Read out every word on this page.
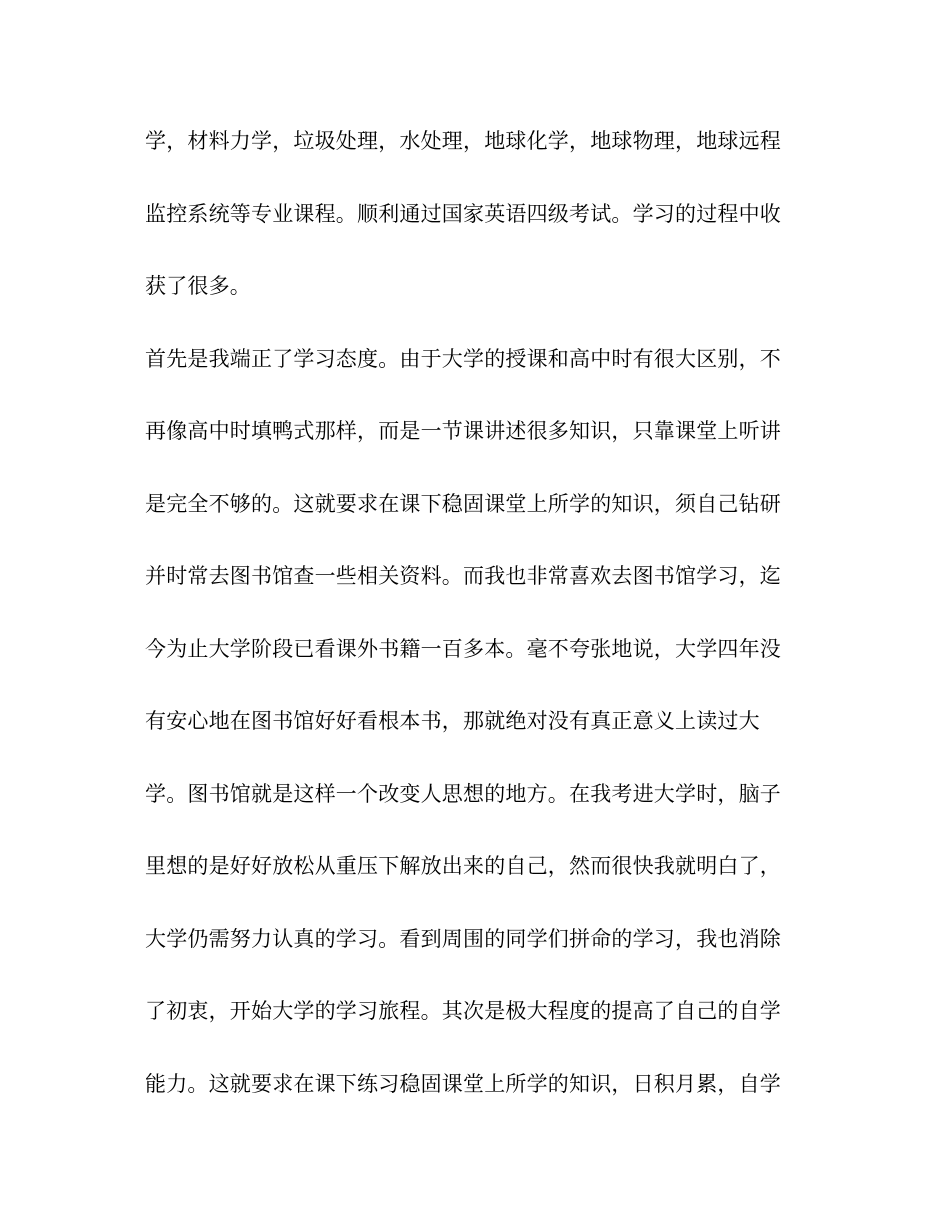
学，材料力学，垃圾处理，水处理，地球化学，地球物理，地球远程
监控系统等专业课程。顺利通过国家英语四级考试。学习的过程中收
获了很多。
首先是我端正了学习态度。由于大学的授课和高中时有很大区别，不
再像高中时填鸭式那样，而是一节课讲述很多知识，只靠课堂上听讲
是完全不够的。这就要求在课下稳固课堂上所学的知识，须自己钻研
并时常去图书馆查一些相关资料。而我也非常喜欢去图书馆学习，迄
今为止大学阶段已看课外书籍一百多本。毫不夸张地说，大学四年没
有安心地在图书馆好好看根本书，那就绝对没有真正意义上读过大
学。图书馆就是这样一个改变人思想的地方。在我考进大学时，脑子
里想的是好好放松从重压下解放出来的自己，然而很快我就明白了，
大学仍需努力认真的学习。看到周围的同学们拼命的学习，我也消除
了初衷，开始大学的学习旅程。其次是极大程度的提高了自己的自学
能力。这就要求在课下练习稳固课堂上所学的知识，日积月累，自学
